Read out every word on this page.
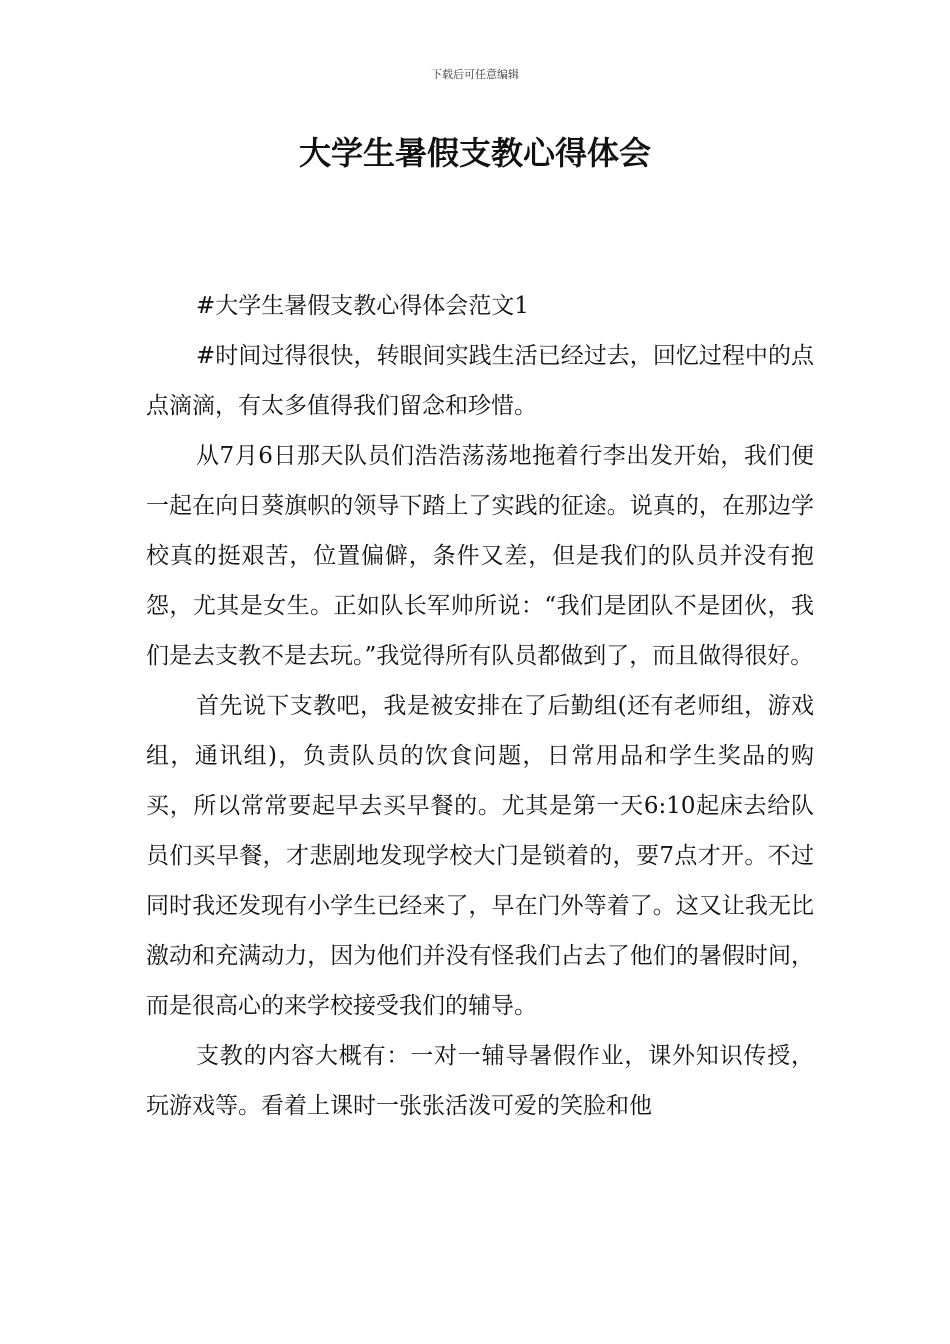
下载后可任意编辑
大学生暑假支教心得体会

#大学生暑假支教心得体会范文1

#时间过得很快，转眼间实践生活已经过去，回忆过程中的点点滴滴，有太多值得我们留念和珍惜。

从7月6日那天队员们浩浩荡荡地拖着行李出发开始，我们便一起在向日葵旗帜的领导下踏上了实践的征途。说真的，在那边学校真的挺艰苦，位置偏僻，条件又差，但是我们的队员并没有抱怨，尤其是女生。正如队长军帅所说：“我们是团队不是团伙，我们是去支教不是去玩。”我觉得所有队员都做到了，而且做得很好。

首先说下支教吧，我是被安排在了后勤组(还有老师组，游戏组，通讯组)，负责队员的饮食问题，日常用品和学生奖品的购买，所以常常要起早去买早餐的。尤其是第一天6:10起床去给队员们买早餐，才悲剧地发现学校大门是锁着的，要7点才开。不过同时我还发现有小学生已经来了，早在门外等着了。这又让我无比激动和充满动力，因为他们并没有怪我们占去了他们的暑假时间，而是很高心的来学校接受我们的辅导。

支教的内容大概有：一对一辅导暑假作业，课外知识传授，玩游戏等。看着上课时一张张活泼可爱的笑脸和他
